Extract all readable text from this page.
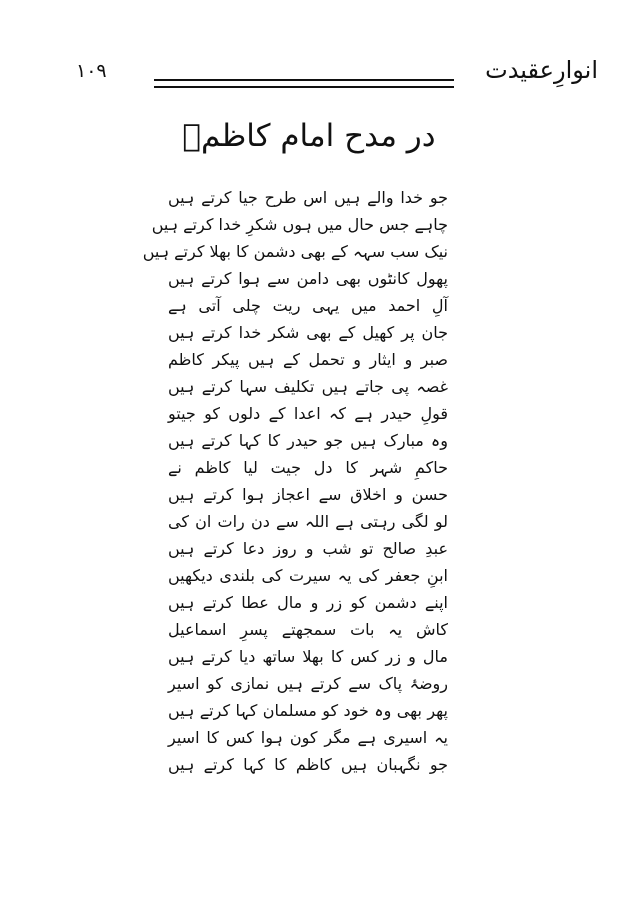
انوارِعقیدت
۱۰۹
در مدح امام کاظمؑ
جو خدا والے ہیں اس طرح جیا کرتے ہیں
چاہے جس حال میں ہوں شکرِ خدا کرتے ہیں
نیک سب سہہ کے بھی دشمن کا بھلا کرتے ہیں
پھول کانٹوں بھی دامن سے ہوا کرتے ہیں
آلِ احمد میں یہی ریت چلی آتی ہے
جان پر کھیل کے بھی شکر خدا کرتے ہیں
صبر و ایثار و تحمل کے ہیں پیکر کاظم
غصہ پی جاتے ہیں تکلیف سہا کرتے ہیں
قولِ حیدر ہے کہ اعدا کے دلوں کو جیتو
وہ مبارک ہیں جو حیدر کا کہا کرتے ہیں
حاکمِ شہر کا دل جیت لیا کاظم نے
حسن و اخلاق سے اعجاز ہوا کرتے ہیں
لو لگی رہتی ہے اللہ سے دن رات ان کی
عبدِ صالح تو شب و روز دعا کرتے ہیں
ابنِ جعفر کی یہ سیرت کی بلندی دیکھیں
اپنے دشمن کو زر و مال عطا کرتے ہیں
کاش یہ بات سمجھتے پسرِ اسماعیل
مال و زر کس کا بھلا ساتھ دیا کرتے ہیں
روضۂ پاک سے کرتے ہیں نمازی کو اسیر
پھر بھی وہ خود کو مسلمان کہا کرتے ہیں
یہ اسیری ہے مگر کون ہوا کس کا اسیر
جو نگہبان ہیں کاظم کا کہا کرتے ہیں
